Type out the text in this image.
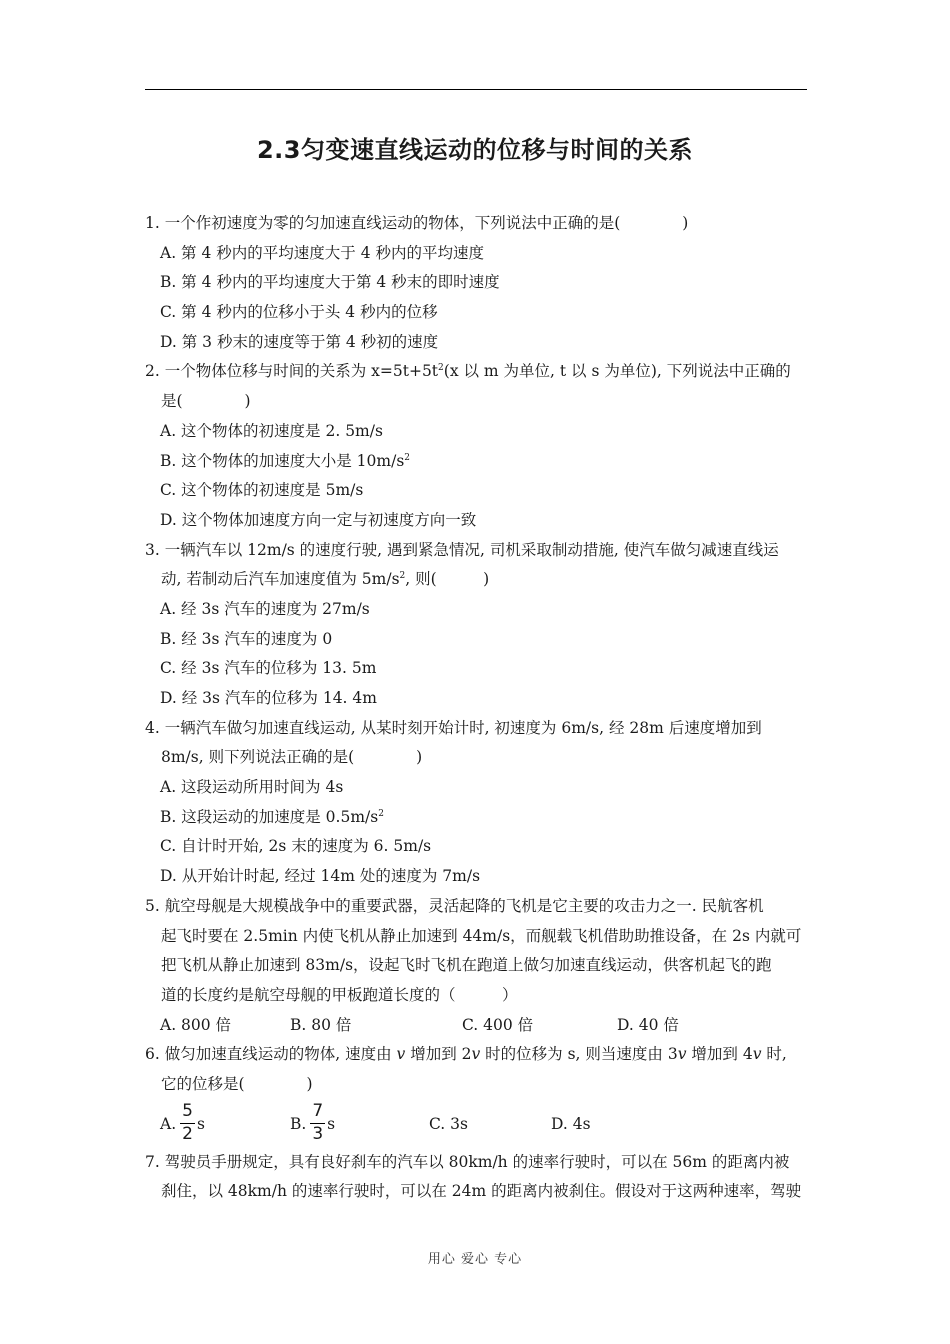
2.3匀变速直线运动的位移与时间的关系
1. 一个作初速度为零的匀加速直线运动的物体，下列说法中正确的是(　　　　)
A. 第 4 秒内的平均速度大于 4 秒内的平均速度
B. 第 4 秒内的平均速度大于第 4 秒末的即时速度
C. 第 4 秒内的位移小于头 4 秒内的位移
D. 第 3 秒末的速度等于第 4 秒初的速度
2. 一个物体位移与时间的关系为 $x=5t+5t^2(x$ 以 m 为单位, t 以 s 为单位), 下列说法中正确的
是(　　　　)
A. 这个物体的初速度是 2. 5m/s
B. 这个物体的加速度大小是 $10m/s^2$
C. 这个物体的初速度是 5m/s
D. 这个物体加速度方向一定与初速度方向一致
3. 一辆汽车以 12m/s 的速度行驶, 遇到紧急情况, 司机采取制动措施, 使汽车做匀减速直线运
动, 若制动后汽车加速度值为 $5m/s^2$, 则(　　　)
A. 经 3s 汽车的速度为 27m/s
B. 经 3s 汽车的速度为 0
C. 经 3s 汽车的位移为 13. 5m
D. 经 3s 汽车的位移为 14. 4m
4. 一辆汽车做匀加速直线运动, 从某时刻开始计时, 初速度为 6m/s, 经 28m 后速度增加到
8m/s, 则下列说法正确的是(　　　　)
A. 这段运动所用时间为 4s
B. 这段运动的加速度是 $0.5m/s^2$
C. 自计时开始, 2s 末的速度为 6. 5m/s
D. 从开始计时起, 经过 14m 处的速度为 7m/s
5. 航空母舰是大规模战争中的重要武器，灵活起降的飞机是它主要的攻击力之一. 民航客机
起飞时要在 2.5min 内使飞机从静止加速到 44m/s，而舰载飞机借助助推设备，在 2s 内就可
把飞机从静止加速到 83m/s，设起飞时飞机在跑道上做匀加速直线运动，供客机起飞的跑
道的长度约是航空母舰的甲板跑道长度的（　　　）
A. 800 倍	B. 80 倍	C. 400 倍	D. 40 倍
6. 做匀加速直线运动的物体, 速度由 v 增加到 2v 时的位移为 s, 则当速度由 3v 增加到 4v 时,
它的位移是(　　　　)
A. $\frac{5}{2}$ s	B. $\frac{7}{3}$ s	C. 3s	D. 4s
7. 驾驶员手册规定，具有良好刹车的汽车以 80km/h 的速率行驶时，可以在 56m 的距离内被
刹住，以 48km/h 的速率行驶时，可以在 24m 的距离内被刹住。假设对于这两种速率，驾驶
用心 爱心 专心
